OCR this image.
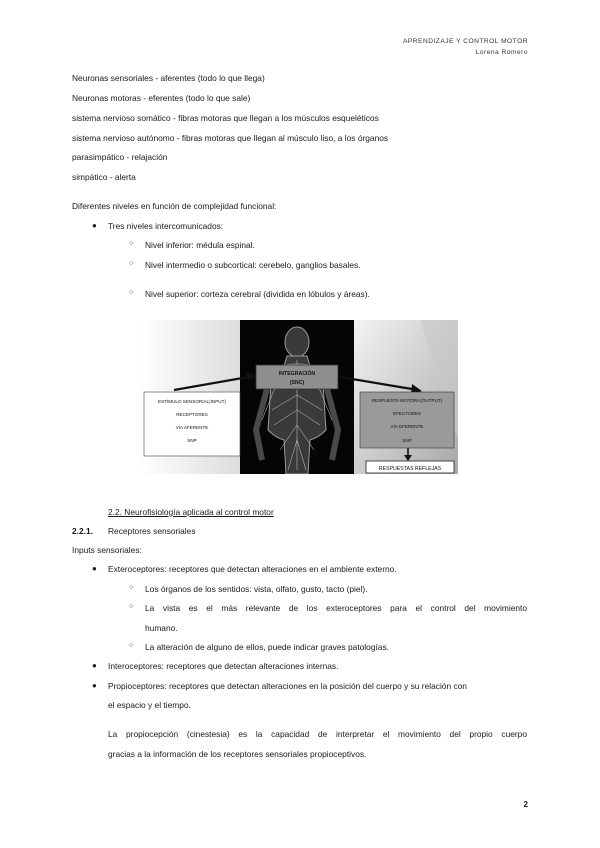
APRENDIZAJE Y CONTROL MOTOR
Lorena Romero
Neuronas sensoriales - aferentes (todo lo que llega)
Neuronas motoras - eferentes (todo lo que sale)
sistema nervioso somático - fibras motoras que llegan a los músculos esqueléticos
sistema nervioso autónomo - fibras motoras que llegan al músculo liso, a los órganos
parasimpático - relajación
simpático - alerta
Diferentes niveles en función de complejidad funcional:
● Tres niveles intercomunicados:
○ Nivel inferior: médula espinal.
○ Nivel intermedio o subcortical: cerebelo, ganglios basales.
○ Nivel superior: corteza cerebral (dividida en lóbulos y áreas).
INTEGRACIÓN
(SNC)
ESTÍMULO SENSORIAL(INPUT)
RECEPTORES
VÍA AFERENTE
SNP
RESPUESTA MOTORA(OUTPUT)
EFECTORES
VÍA EFERENTE
SNP
RESPUESTAS REFLEJAS
2.2. Neurofisiología aplicada al control motor
2.2.1. Receptores sensoriales
Inputs sensoriales:
● Exteroceptores: receptores que detectan alteraciones en el ambiente externo.
○ Los órganos de los sentidos: vista, olfato, gusto, tacto (piel).
○ La vista es el más relevante de los exteroceptores para el control del movimiento
humano.
○ La alteración de alguno de ellos, puede indicar graves patologías.
● Interoceptores: receptores que detectan alteraciones internas.
● Propioceptores: receptores que detectan alteraciones en la posición del cuerpo y su relación con
el espacio y el tiempo.
La propiocepción (cinestesia) es la capacidad de interpretar el movimiento del propio cuerpo
gracias a la información de los receptores sensoriales propioceptivos.
2
